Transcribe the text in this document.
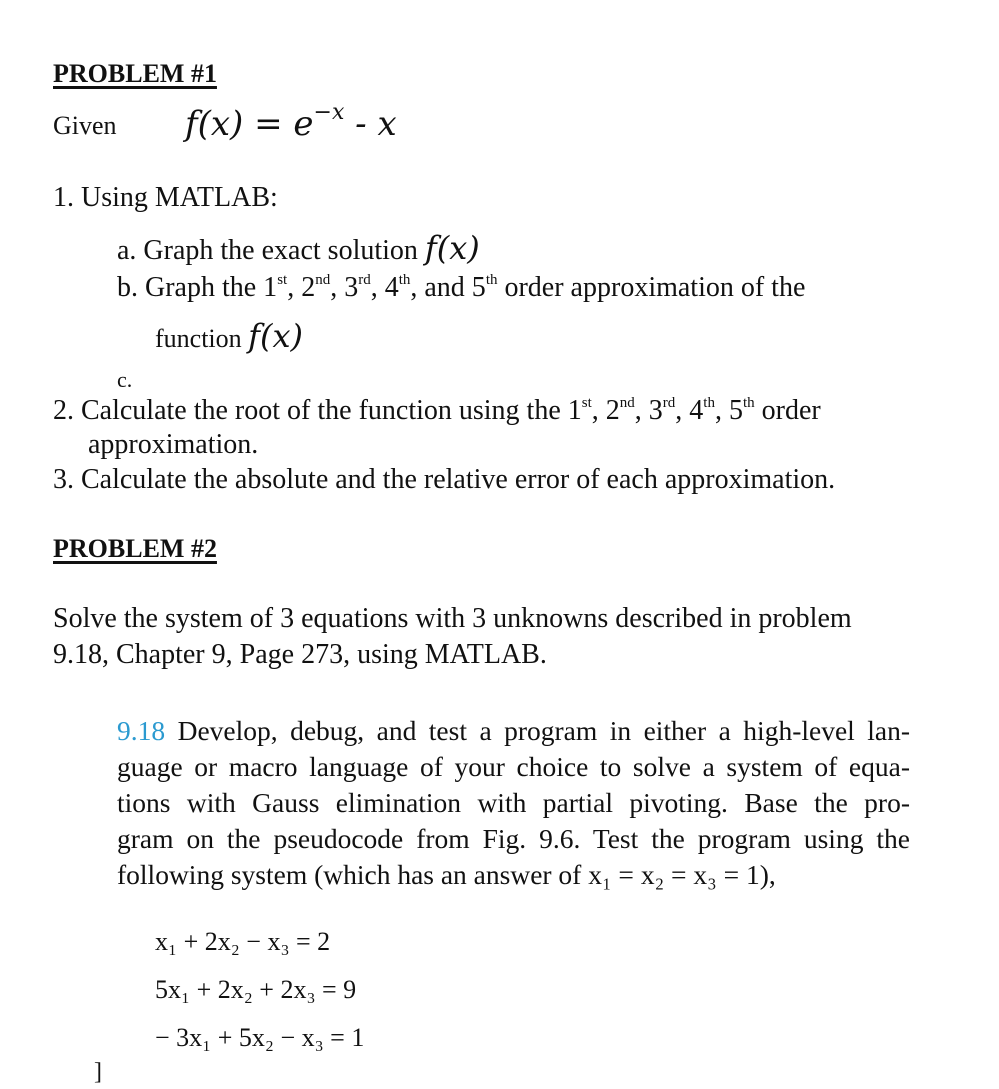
PROBLEM #1
Given $f(x) = e^{-x} - x$
1. Using MATLAB:
a. Graph the exact solution f(x)
b. Graph the 1st, 2nd, 3rd, 4th, and 5th order approximation of the
function f(x)
c.
2. Calculate the root of the function using the 1st, 2nd, 3rd, 4th, 5th order
approximation.
3. Calculate the absolute and the relative error of each approximation.
PROBLEM #2
Solve the system of 3 equations with 3 unknowns described in problem
9.18, Chapter 9, Page 273, using MATLAB.
9.18 Develop, debug, and test a program in either a high-level lan-
guage or macro language of your choice to solve a system of equa-
tions with Gauss elimination with partial pivoting. Base the pro-
gram on the pseudocode from Fig. 9.6. Test the program using the
following system (which has an answer of x₁ = x₂ = x₃ = 1),
x₁ + 2x₂ − x₃ = 2
5x₁ + 2x₂ + 2x₃ = 9
− 3x₁ + 5x₂ − x₃ = 1
]
